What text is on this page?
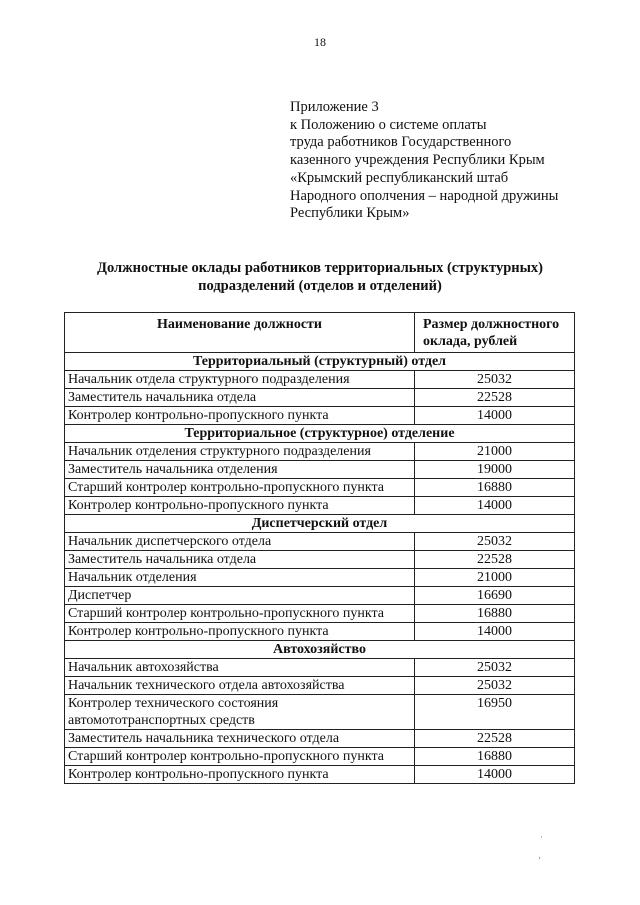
18
Приложение 3
к Положению о системе оплаты
труда работников Государственного
казенного учреждения Республики Крым
«Крымский республиканский штаб
Народного ополчения – народной дружины
Республики Крым»
Должностные оклады работников территориальных (структурных)
подразделений (отделов и отделений)
Наименование должности	Размер должностного оклада, рублей
Территориальный (структурный) отдел	
Начальник отдела структурного подразделения	25032
Заместитель начальника отдела	22528
Контролер контрольно-пропускного пункта	14000
Территориальное (структурное) отделение	
Начальник отделения структурного подразделения	21000
Заместитель начальника отделения	19000
Старший контролер контрольно-пропускного пункта	16880
Контролер контрольно-пропускного пункта	14000
Диспетчерский отдел	
Начальник диспетчерского отдела	25032
Заместитель начальника отдела	22528
Начальник отделения	21000
Диспетчер	16690
Старший контролер контрольно-пропускного пункта	16880
Контролер контрольно-пропускного пункта	14000
Автохозяйство	
Начальник автохозяйства	25032
Начальник технического отдела автохозяйства	25032
Контролер технического состояния автомототранспортных средств	16950
Заместитель начальника технического отдела	22528
Старший контролер контрольно-пропускного пункта	16880
Контролер контрольно-пропускного пункта	14000
·
‚
